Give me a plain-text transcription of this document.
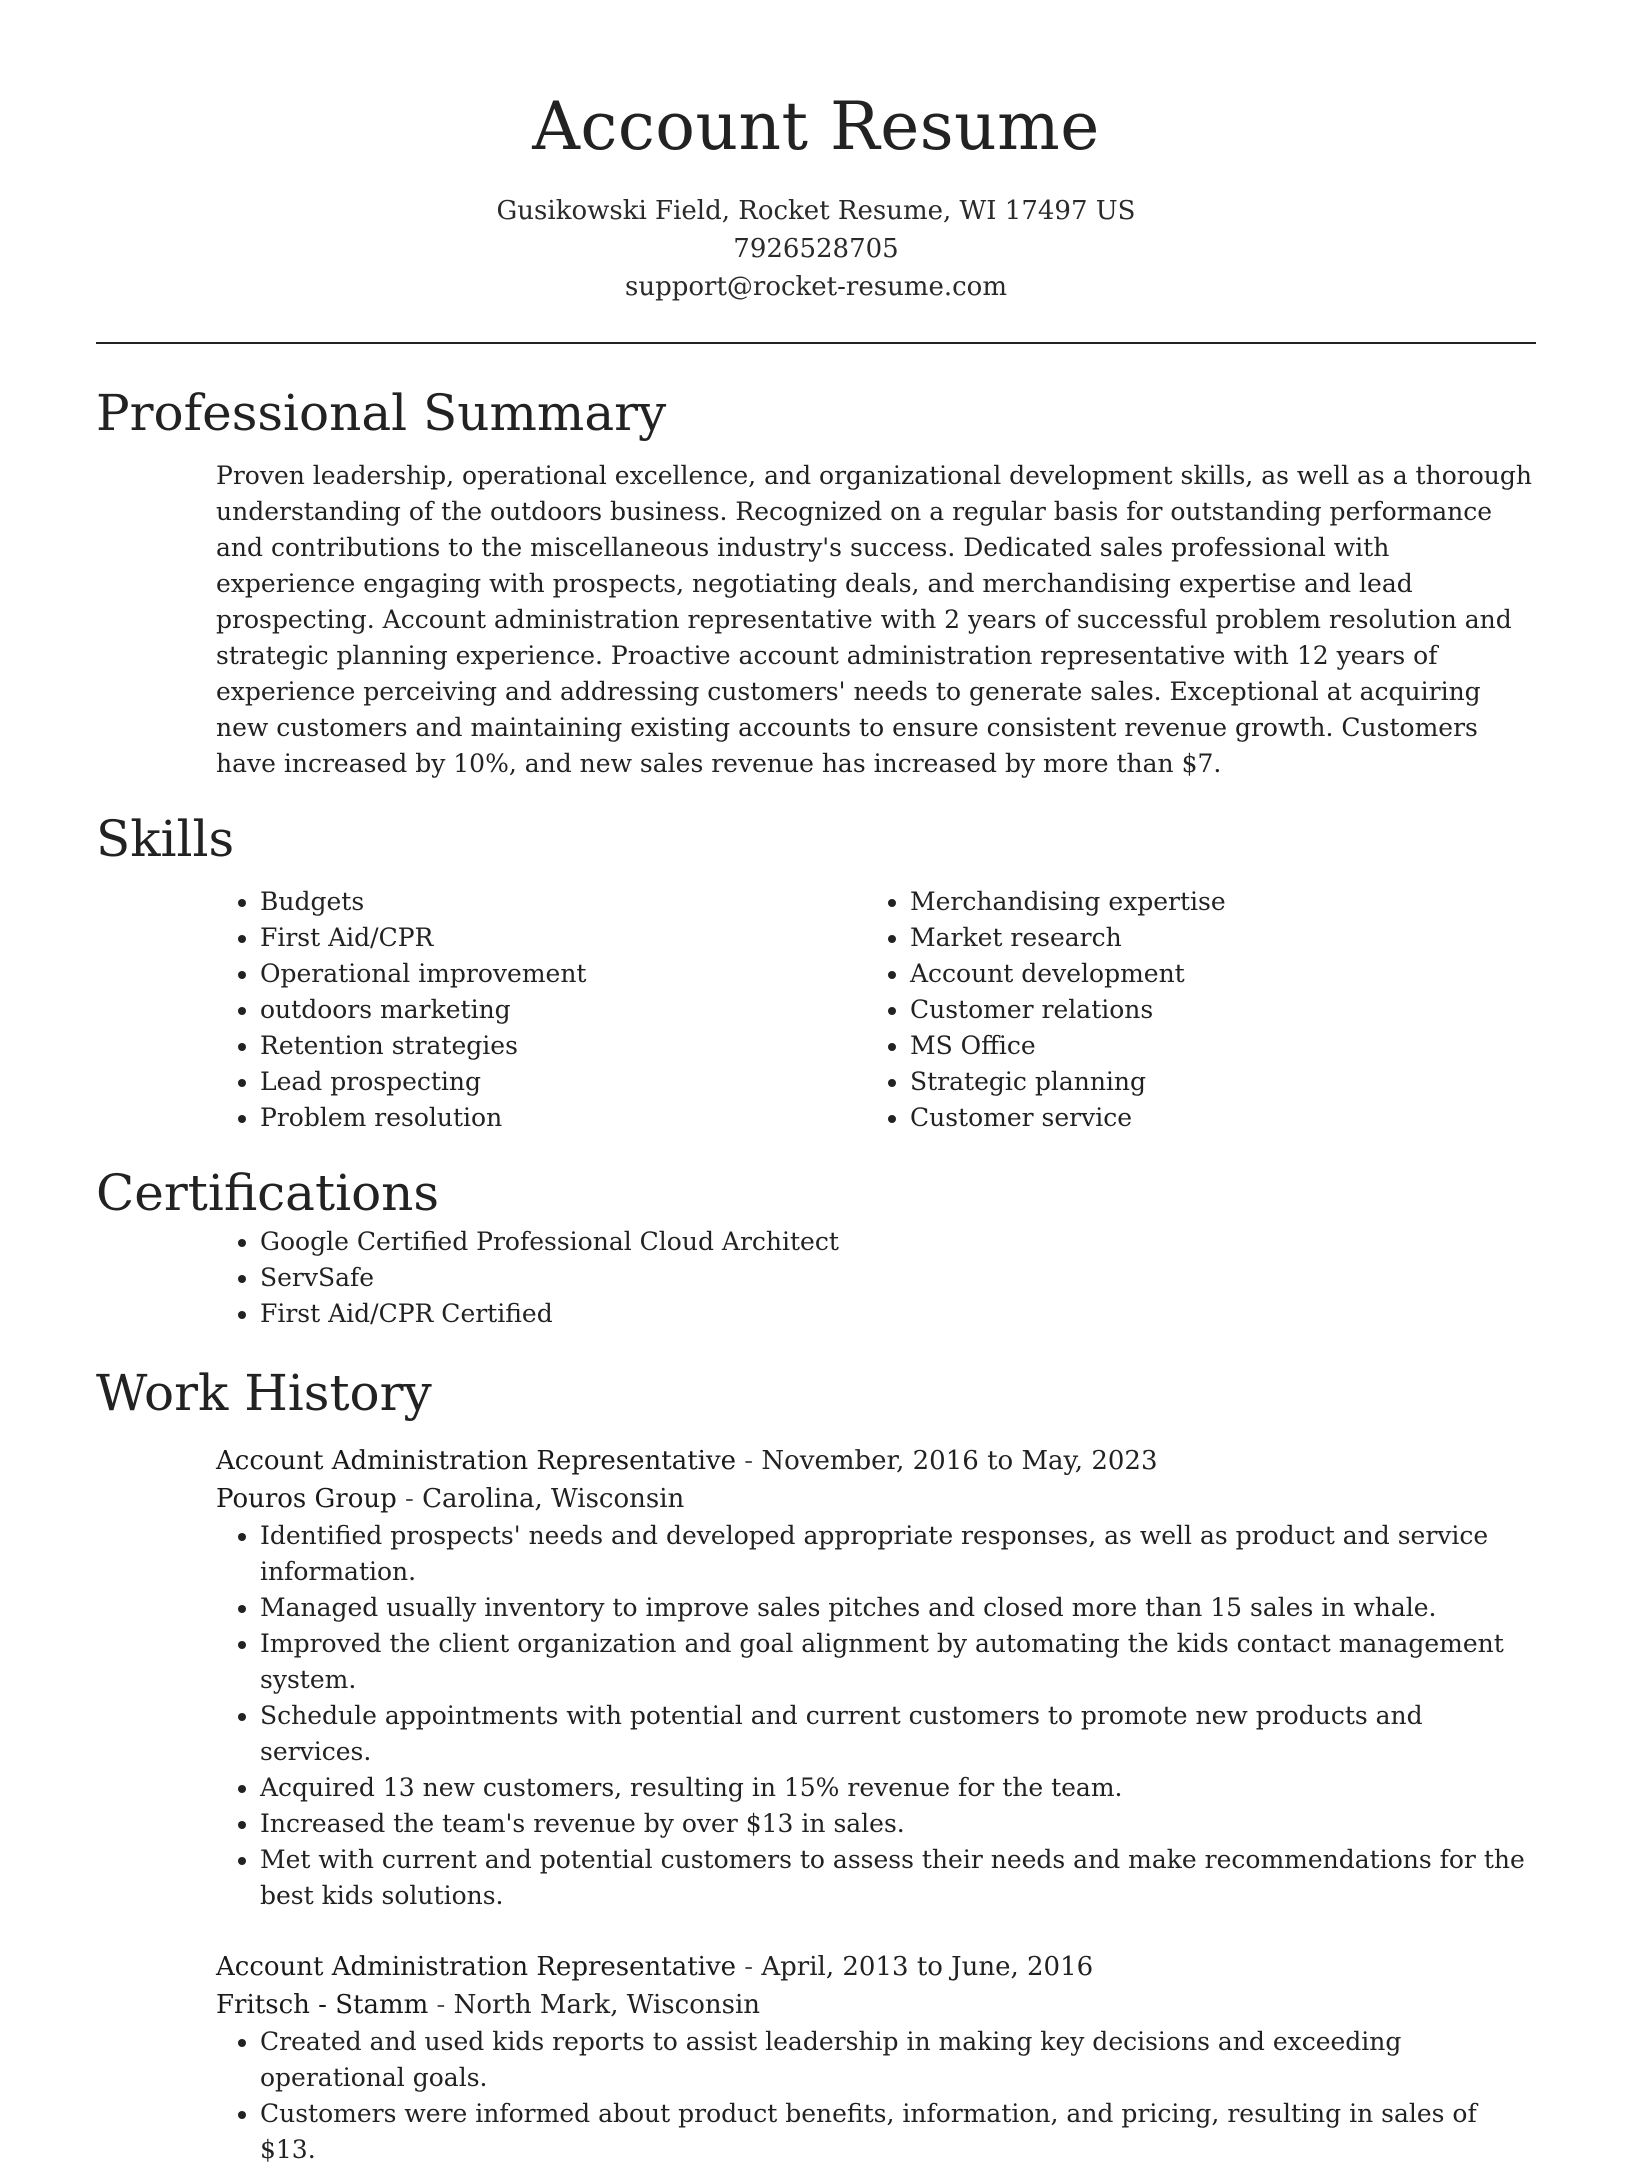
Account Resume

Gusikowski Field, Rocket Resume, WI 17497 US

7926528705

support@rocket-resume.com

Professional Summary

Proven leadership, operational excellence, and organizational development skills, as well as a thorough understanding of the outdoors business. Recognized on a regular basis for outstanding performance and contributions to the miscellaneous industry's success. Dedicated sales professional with experience engaging with prospects, negotiating deals, and merchandising expertise and lead prospecting. Account administration representative with 2 years of successful problem resolution and strategic planning experience. Proactive account administration representative with 12 years of experience perceiving and addressing customers' needs to generate sales. Exceptional at acquiring new customers and maintaining existing accounts to ensure consistent revenue growth. Customers have increased by 10%, and new sales revenue has increased by more than $7.

Skills
• Budgets
• First Aid/CPR
• Operational improvement
• outdoors marketing
• Retention strategies
• Lead prospecting
• Problem resolution
• Merchandising expertise
• Market research
• Account development
• Customer relations
• MS Office
• Strategic planning
• Customer service
Certifications
• Google Certified Professional Cloud Architect
• ServSafe
• First Aid/CPR Certified
Work History

Account Administration Representative - November, 2016 to May, 2023

Pouros Group - Carolina, Wisconsin

• Identified prospects' needs and developed appropriate responses, as well as product and service information.
• Managed usually inventory to improve sales pitches and closed more than 15 sales in whale.
• Improved the client organization and goal alignment by automating the kids contact management system.
• Schedule appointments with potential and current customers to promote new products and services.
• Acquired 13 new customers, resulting in 15% revenue for the team.
• Increased the team's revenue by over $13 in sales.
• Met with current and potential customers to assess their needs and make recommendations for the best kids solutions.

Account Administration Representative - April, 2013 to June, 2016

Fritsch - Stamm - North Mark, Wisconsin

• Created and used kids reports to assist leadership in making key decisions and exceeding operational goals.
• Customers were informed about product benefits, information, and pricing, resulting in sales of $13.
